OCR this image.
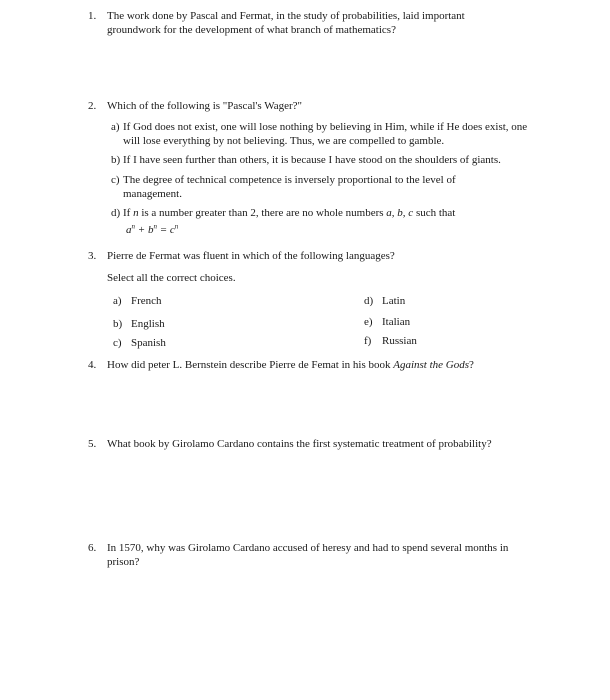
1. The work done by Pascal and Fermat, in the study of probabilities, laid important groundwork for the development of what branch of mathematics?
2. Which of the following is "Pascal's Wager?"
a) If God does not exist, one will lose nothing by believing in Him, while if He does exist, one will lose everything by not believing. Thus, we are compelled to gamble.
b) If I have seen further than others, it is because I have stood on the shoulders of giants.
c) The degree of technical competence is inversely proportional to the level of management.
d) If n is a number greater than 2, there are no whole numbers a, b, c such that
$a^n + b^n = c^n$
3. Pierre de Fermat was fluent in which of the following languages?
Select all the correct choices.
a) French
b) English
c) Spanish
d) Latin
e) Italian
f) Russian
4. How did peter L. Bernstein describe Pierre de Femat in his book Against the Gods?
5. What book by Girolamo Cardano contains the first systematic treatment of probability?
6. In 1570, why was Girolamo Cardano accused of heresy and had to spend several months in prison?
